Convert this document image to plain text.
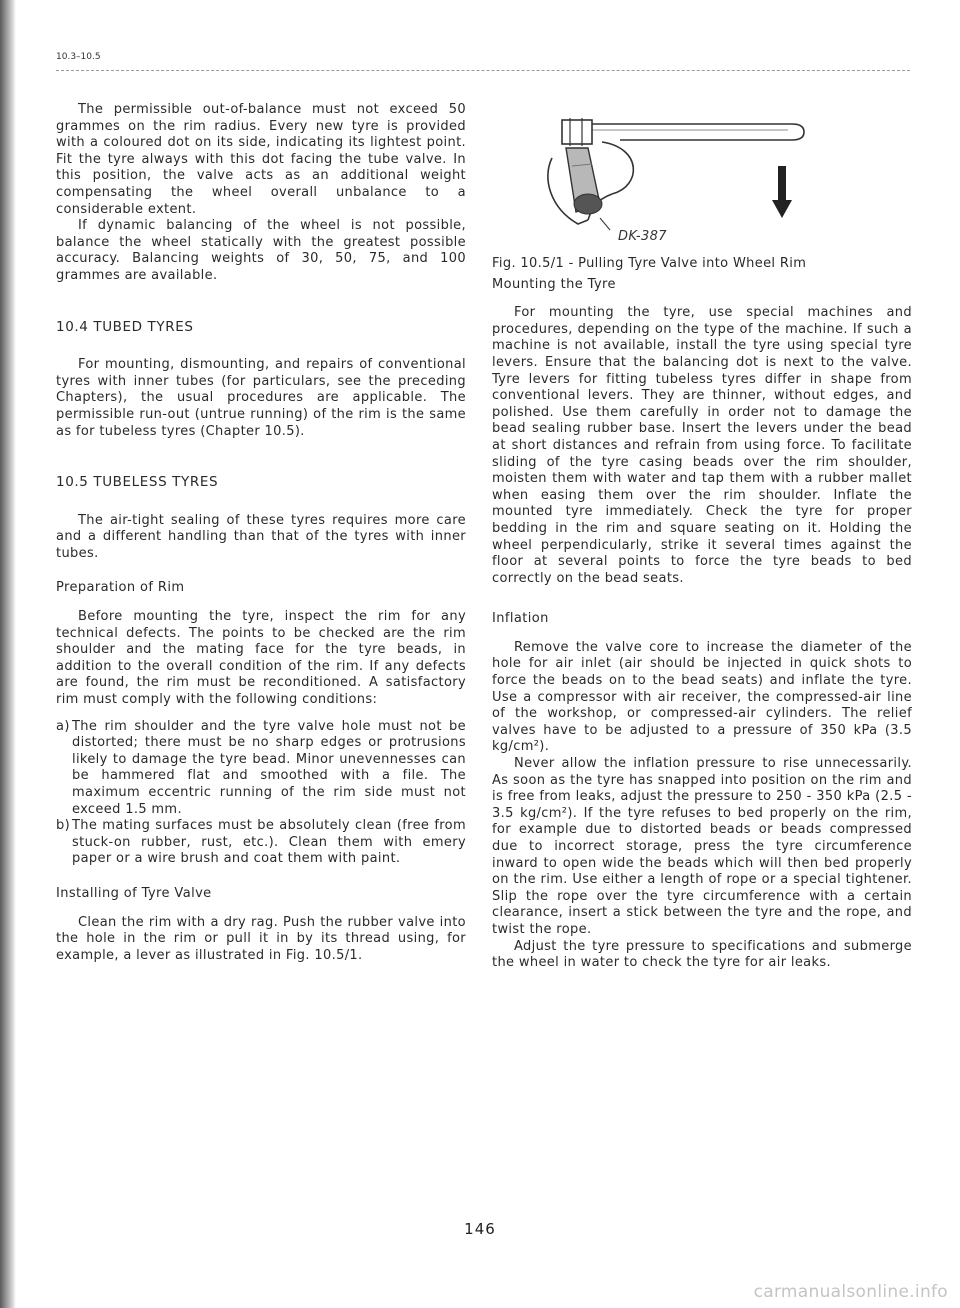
10.3–10.5

The permissible out-of-balance must not exceed 50 grammes on the rim radius. Every new tyre is provided with a coloured dot on its side, indicating its lightest point. Fit the tyre always with this dot facing the tube valve. In this position, the valve acts as an additional weight compensating the wheel overall unbalance to a considerable extent.

If dynamic balancing of the wheel is not possible, balance the wheel statically with the greatest possible accuracy. Balancing weights of 30, 50, 75, and 100 grammes are available.

10.4 TUBED TYRES

For mounting, dismounting, and repairs of conventional tyres with inner tubes (for particulars, see the preceding Chapters), the usual procedures are applicable. The permissible run-out (untrue running) of the rim is the same as for tubeless tyres (Chapter 10.5).

10.5 TUBELESS TYRES

The air-tight sealing of these tyres requires more care and a different handling than that of the tyres with inner tubes.

Preparation of Rim

Before mounting the tyre, inspect the rim for any technical defects. The points to be checked are the rim shoulder and the mating face for the tyre beads, in addition to the overall condition of the rim. If any defects are found, the rim must be reconditioned. A satisfactory rim must comply with the following conditions:

a) The rim shoulder and the tyre valve hole must not be distorted; there must be no sharp edges or protrusions likely to damage the tyre bead. Minor unevennesses can be hammered flat and smoothed with a file. The maximum eccentric running of the rim side must not exceed 1.5 mm.
b) The mating surfaces must be absolutely clean (free from stuck-on rubber, rust, etc.). Clean them with emery paper or a wire brush and coat them with paint.

Installing of Tyre Valve

Clean the rim with a dry rag. Push the rubber valve into the hole in the rim or pull it in by its thread using, for example, a lever as illustrated in Fig. 10.5/1.

DK-387

Fig. 10.5/1 - Pulling Tyre Valve into Wheel Rim

Mounting the Tyre

For mounting the tyre, use special machines and procedures, depending on the type of the machine. If such a machine is not available, install the tyre using special tyre levers. Ensure that the balancing dot is next to the valve. Tyre levers for fitting tubeless tyres differ in shape from conventional levers. They are thinner, without edges, and polished. Use them carefully in order not to damage the bead sealing rubber base. Insert the levers under the bead at short distances and refrain from using force. To facilitate sliding of the tyre casing beads over the rim shoulder, moisten them with water and tap them with a rubber mallet when easing them over the rim shoulder. Inflate the mounted tyre immediately. Check the tyre for proper bedding in the rim and square seating on it. Holding the wheel perpendicularly, strike it several times against the floor at several points to force the tyre beads to bed correctly on the bead seats.

Inflation

Remove the valve core to increase the diameter of the hole for air inlet (air should be injected in quick shots to force the beads on to the bead seats) and inflate the tyre. Use a compressor with air receiver, the compressed-air line of the workshop, or compressed-air cylinders. The relief valves have to be adjusted to a pressure of 350 kPa (3.5 kg/cm²).

Never allow the inflation pressure to rise unnecessarily. As soon as the tyre has snapped into position on the rim and is free from leaks, adjust the pressure to 250 - 350 kPa (2.5 - 3.5 kg/cm²). If the tyre refuses to bed properly on the rim, for example due to distorted beads or beads compressed due to incorrect storage, press the tyre circumference inward to open wide the beads which will then bed properly on the rim. Use either a length of rope or a special tightener. Slip the rope over the tyre circumference with a certain clearance, insert a stick between the tyre and the rope, and twist the rope.

Adjust the tyre pressure to specifications and submerge the wheel in water to check the tyre for air leaks.

146
carmanualsonline.info
